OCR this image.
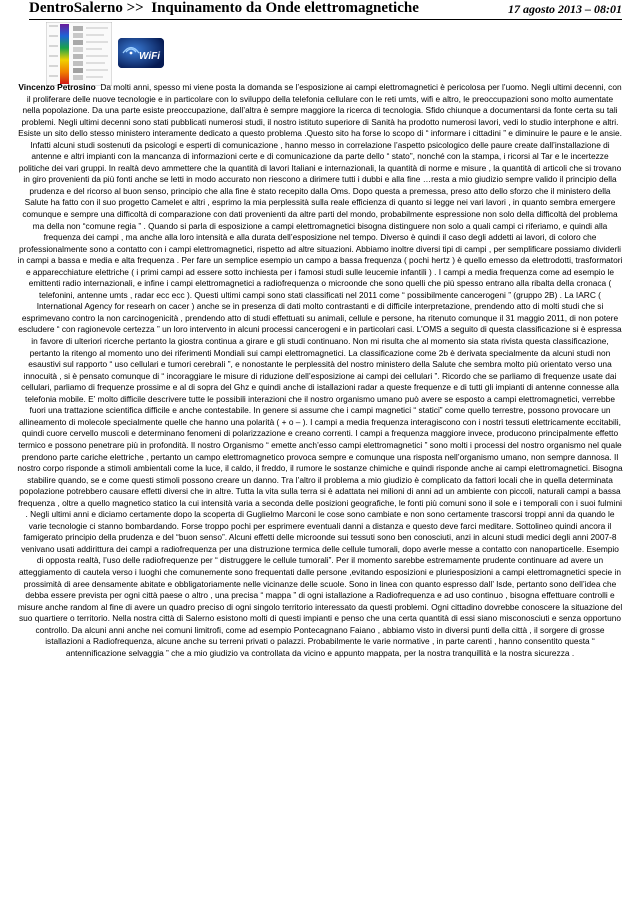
DentroSalerno >> Inquinamento da Onde elettromagnetiche	17 agosto 2013 – 08:01
WiFi
Vincenzo Petrosino Da molti anni, spesso mi viene posta la domanda se l’esposizione ai campi elettromagnetici è pericolosa per l’uomo. Negli ultimi decenni, con il proliferare delle nuove tecnologie e in particolare con lo sviluppo della telefonia cellulare con le reti umts, wifi e altro, le preoccupazioni sono molto aumentate nella popolazione. Da una parte esiste preoccupazione, dall’altra è sempre maggiore la ricerca di tecnologia. Sfido chiunque a documentarsi da fonte certa su tali problemi. Negli ultimi decenni sono stati pubblicati numerosi studi, il nostro istituto superiore di Sanità ha prodotto numerosi lavori, vedi lo studio interphone e altri. Esiste un sito dello stesso ministero interamente dedicato a questo problema .Questo sito ha forse lo scopo di “ informare i cittadini ” e diminuire le paure e le ansie. Infatti alcuni studi sostenuti da psicologi e esperti di comunicazione , hanno messo in correlazione l’aspetto psicologico delle paure create dall’installazione di antenne e altri impianti con la mancanza di informazioni certe e di comunicazione da parte dello “ stato”, nonché con la stampa, i ricorsi al Tar e le incertezze politiche dei vari gruppi. In realtà devo ammettere che la quantità di lavori Italiani e internazionali, la quantità di norme e misure , la quantità di articoli che si trovano in giro provenienti da più fonti anche se letti in modo accurato non riescono a dirimere tutti i dubbi e alla fine …resta a mio giudizio sempre valido il principio della prudenza e del ricorso al buon senso, principio che alla fine è stato recepito dalla Oms. Dopo questa a premessa, preso atto dello sforzo che il ministero della Salute ha fatto con il suo progetto Camelet e altri , esprimo la mia perplessità sulla reale efficienza di quanto si legge nei vari lavori , in quanto sembra emergere comunque e sempre una difficoltà di comparazione con dati provenienti da altre parti del mondo, probabilmente espressione non solo della difficoltà del problema ma della non “comune regia ” . Quando si parla di esposizione a campi elettromagnetici bisogna distinguere non solo a quali campi ci riferiamo, e quindi alla frequenza dei campi , ma anche alla loro intensità e alla durata dell’esposizione nel tempo. Diverso è quindi il caso degli addetti ai lavori, di coloro che professionalmente sono a contatto con i campi elettromagnetici, rispetto ad altre situazioni. Abbiamo inoltre diversi tipi di campi , per semplificare possiamo dividerli in campi a bassa e media e alta frequenza . Per fare un semplice esempio un campo a bassa frequenza ( pochi hertz ) è quello emesso da elettrodotti, trasformatori e apparecchiature elettriche ( i primi campi ad essere sotto inchiesta per i famosi studi sulle leucemie infantili ) . I campi a media frequenza come ad esempio le emittenti radio internazionali, e infine i campi elettromagnetici a radiofrequenza o microonde che sono quelli che più spesso entrano alla ribalta della cronaca ( telefonini, antenne umts , radar ecc ecc ). Questi ultimi campi sono stati classificati nel 2011 come “ possibilmente cancerogeni ” (gruppo 2B) . La IARC ( International Agency for researh on cacer ) anche se in presenza di dati molto contrastanti e di difficile interpretazione, prendendo atto di molti studi che si esprimevano contro la non carcinogenicità , prendendo atto di studi effettuati su animali, cellule e persone, ha ritenuto comunque il 31 maggio 2011, di non potere escludere “ con ragionevole certezza ” un loro intervento in alcuni processi cancerogeni e in particolari casi. L’OMS a seguito di questa classificazione si è espressa in favore di ulteriori ricerche pertanto la giostra continua a girare e gli studi continuano. Non mi risulta che al momento sia stata rivista questa classificazione, pertanto la ritengo al momento uno dei riferimenti Mondiali sui campi elettromagnetici. La classificazione come 2b è derivata specialmente da alcuni studi non esaustivi sul rapporto “ uso cellulari e tumori cerebrali ”, e nonostante le perplessità del nostro ministero della Salute che sembra molto più orientato verso una innocuità , si è pensato comunque di “ incoraggiare le misure di riduzione dell’esposizione ai campi dei cellulari ”. Ricordo che se parliamo di frequenze usate dai cellulari, parliamo di frequenze prossime e al di sopra del Ghz e quindi anche di istallazioni radar a queste frequenze e di tutti gli impianti di antenne connesse alla telefonia mobile. E’ molto difficile descrivere tutte le possibili interazioni che il nostro organismo umano può avere se esposto a campi elettromagnetici, verrebbe fuori una trattazione scientifica difficile e anche contestabile. In genere si assume che i campi magnetici “ statici” come quello terrestre, possono provocare un allineamento di molecole specialmente quelle che hanno una polarità ( + o – ). I campi a media frequenza interagiscono con i nostri tessuti elettricamente eccitabili, quindi cuore cervello muscoli e determinano fenomeni di polarizzazione e creano correnti. I campi a frequenza maggiore invece, producono principalmente effetto termico e possono penetrare più in profondità. Il nostro Organismo “ emette anch’esso campi elettromagnetici ” sono molti i processi del nostro organismo nel quale prendono parte cariche elettriche , pertanto un campo elettromagnetico provoca sempre e comunque una risposta nell’organismo umano, non sempre dannosa. Il nostro corpo risponde a stimoli ambientali come la luce, il caldo, il freddo, il rumore le sostanze chimiche e quindi risponde anche ai campi elettromagnetici. Bisogna stabilire quando, se e come questi stimoli possono creare un danno. Tra l’altro il problema a mio giudizio è complicato da fattori locali che in quella determinata popolazione potrebbero causare effetti diversi che in altre. Tutta la vita sulla terra si è adattata nei milioni di anni ad un ambiente con piccoli, naturali campi a bassa frequenza , oltre a quello magnetico statico la cui intensità varia a seconda delle posizioni geografiche, le fonti più comuni sono il sole e i temporali con i suoi fulmini . Negli ultimi anni e diciamo certamente dopo la scoperta di Guglielmo Marconi le cose sono cambiate e non sono certamente trascorsi troppi anni da quando le varie tecnologie ci stanno bombardando. Forse troppo pochi per esprimere eventuali danni a distanza e questo deve farci meditare. Sottolineo quindi ancora il famigerato principio della prudenza e del “buon senso”. Alcuni effetti delle microonde sui tessuti sono ben conosciuti, anzi in alcuni studi medici degli anni 2007-8 venivano usati addirittura dei campi a radiofrequenza per una distruzione termica delle cellule tumorali, dopo averle messe a contatto con nanoparticelle. Esempio di opposta realtà, l’uso delle radiofrequenze per “ distruggere le cellule tumorali”. Per il momento sarebbe estremamente prudente continuare ad avere un atteggiamento di cautela verso i luoghi che comunemente sono frequentati dalle persone ,evitando esposizioni e pluriesposizioni a campi elettromagnetici specie in prossimità di aree densamente abitate e obbligatoriamente nelle vicinanze delle scuole. Sono in linea con quanto espresso dall’ Isde, pertanto sono dell’idea che debba essere prevista per ogni città paese o altro , una precisa “ mappa ” di ogni istallazione a Radiofrequenza e ad uso continuo , bisogna effettuare controlli e misure anche random al fine di avere un quadro preciso di ogni singolo territorio interessato da questi problemi. Ogni cittadino dovrebbe conoscere la situazione del suo quartiere o territorio. Nella nostra città di Salerno esistono molti di questi impianti e penso che una certa quantità di essi siano misconosciuti e senza opportuno controllo. Da alcuni anni anche nei comuni limitrofi, come ad esempio Pontecagnano Faiano , abbiamo visto in diversi punti della città , il sorgere di grosse istallazioni a Radiofrequenza, alcune anche su terreni privati o palazzi. Probabilmente le varie normative , in parte carenti , hanno consentito questa “ antennificazione selvaggia ” che a mio giudizio va controllata da vicino e appunto mappata, per la nostra tranquillità e la nostra sicurezza .
